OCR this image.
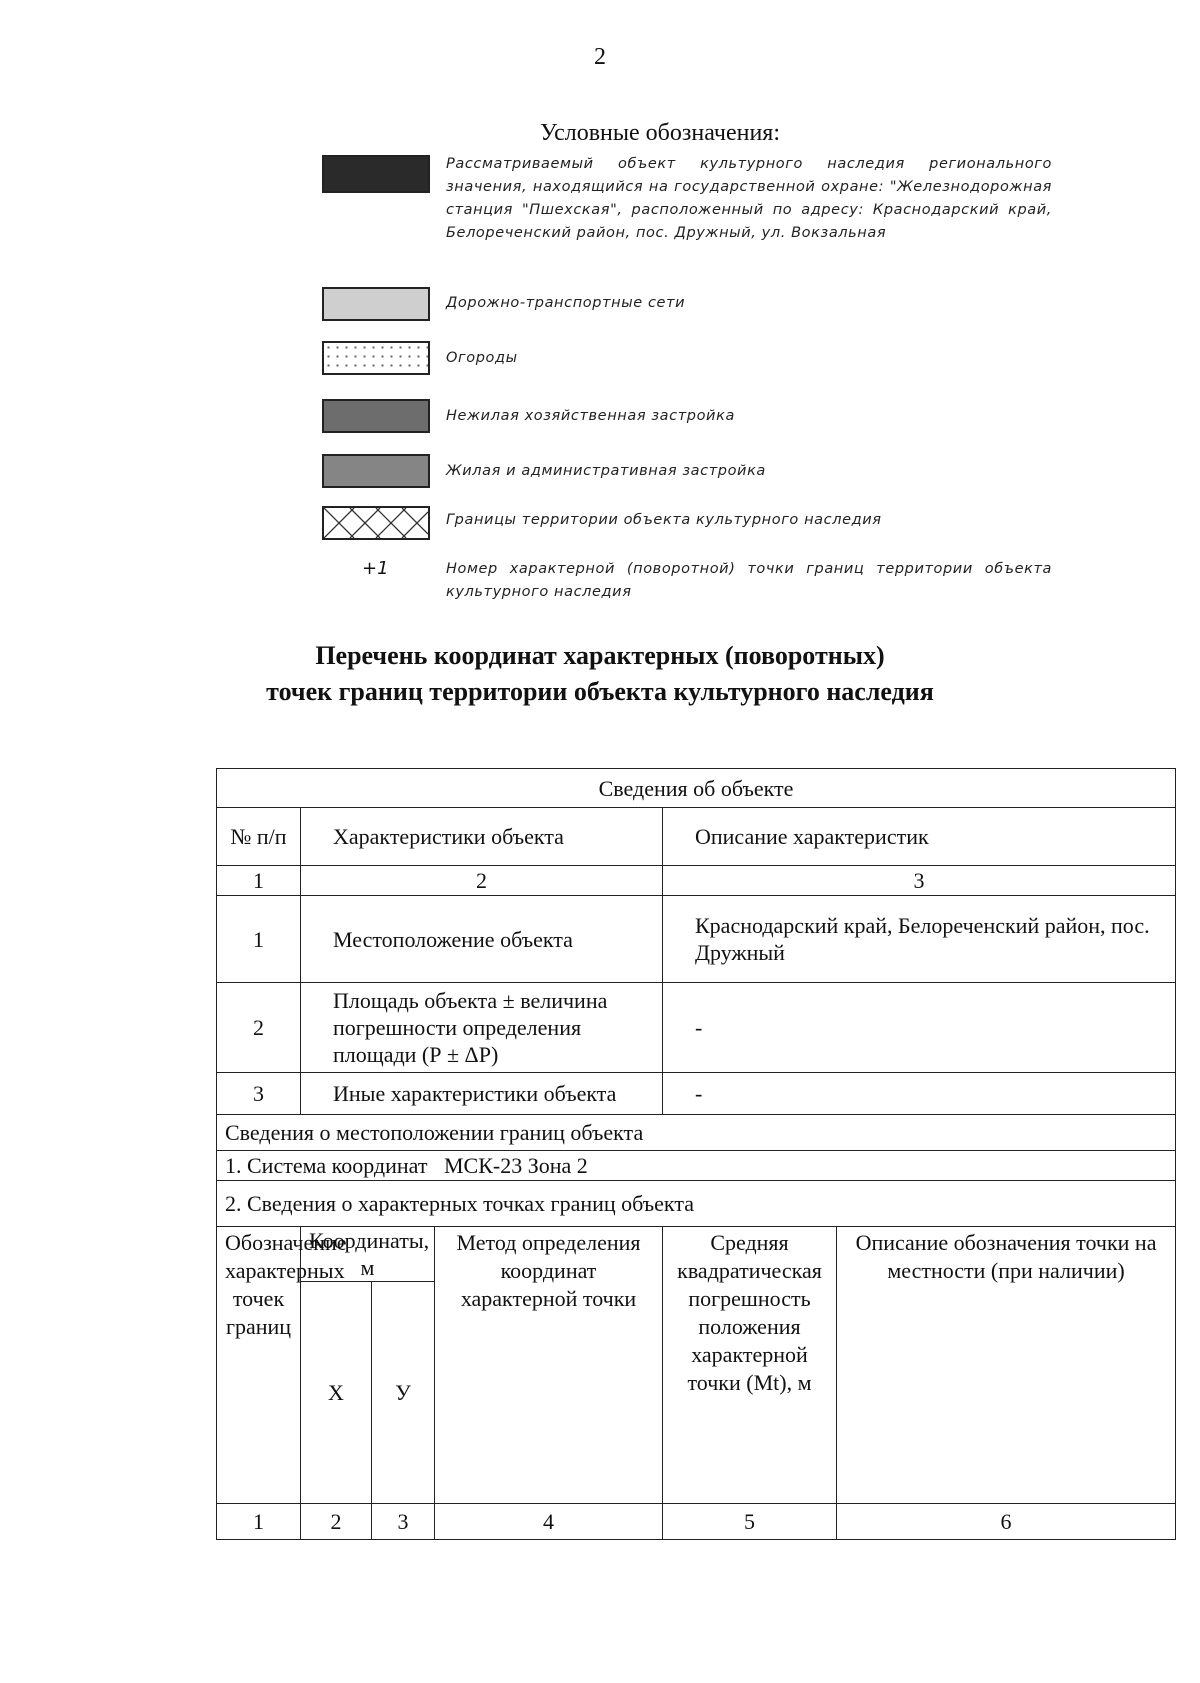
2
Условные обозначения:
Рассматриваемый объект культурного наследия регионального значения, находящийся на государственной охране: "Железнодорожная станция "Пшехская", расположенный по адресу: Краснодарский край, Белореченский район, пос. Дружный, ул. Вокзальная
Дорожно-транспортные сети
Огороды
Нежилая хозяйственная застройка
Жилая и административная застройка
Границы территории объекта культурного наследия
+1	Номер характерной (поворотной) точки границ территории объекта культурного наследия
Перечень координат характерных (поворотных)
точек границ территории объекта культурного наследия
Сведения об объекте					
№ п/п	Характеристики объекта			Описание характеристик	
1	2			3	
1	Местоположение объекта			Краснодарский край, Белореченский район, пос. Дружный	
2	Площадь объекта ± величина погрешности определения площади (Р ± ΔР)			-	
3	Иные характеристики объекта			-	
Сведения о местоположении границ объекта					
1. Система координат   МСК-23 Зона 2					
2. Сведения о характерных точках границ объекта					
Обозначение характерных точек границ	Координаты, м		Метод определения координат характерной точки	Средняя квадратическая погрешность положения характерной точки (Mt), м	Описание обозначения точки на местности (при наличии)
	X	У			
1	2	3	4	5	6
